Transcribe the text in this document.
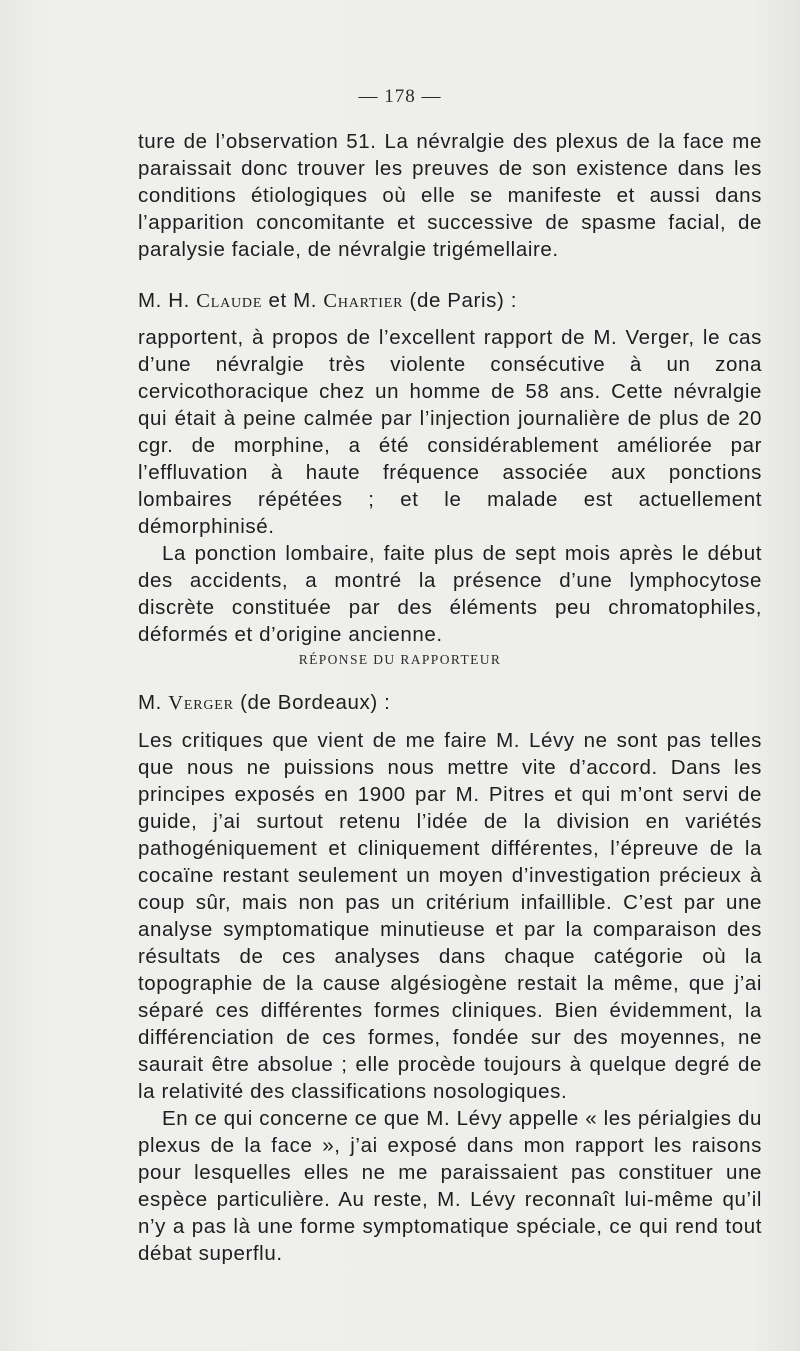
— 178 —

ture de l’observation 51. La névralgie des plexus de la face me paraissait donc trouver les preuves de son existence dans les conditions étiologiques où elle se manifeste et aussi dans l’apparition concomitante et successive de spasme facial, de paralysie faciale, de névralgie trigémellaire.

M. H. Claude et M. Chartier (de Paris) :

rapportent, à propos de l’excellent rapport de M. Verger, le cas d’une névralgie très violente consécutive à un zona cervicothoracique chez un homme de 58 ans. Cette névralgie qui était à peine calmée par l’injection journalière de plus de 20 cgr. de morphine, a été considérablement améliorée par l’effluvation à haute fréquence associée aux ponctions lombaires répétées ; et le malade est actuellement démorphinisé.

La ponction lombaire, faite plus de sept mois après le début des accidents, a montré la présence d’une lymphocytose discrète constituée par des éléments peu chromatophiles, déformés et d’origine ancienne.

RÉPONSE DU RAPPORTEUR

M. Verger (de Bordeaux) :

Les critiques que vient de me faire M. Lévy ne sont pas telles que nous ne puissions nous mettre vite d’accord. Dans les principes exposés en 1900 par M. Pitres et qui m’ont servi de guide, j’ai surtout retenu l’idée de la division en variétés pathogéniquement et cliniquement différentes, l’épreuve de la cocaïne restant seulement un moyen d’investigation précieux à coup sûr, mais non pas un critérium infaillible. C’est par une analyse symptomatique minutieuse et par la comparaison des résultats de ces analyses dans chaque catégorie où la topographie de la cause algésiogène restait la même, que j’ai séparé ces différentes formes cliniques. Bien évidemment, la différenciation de ces formes, fondée sur des moyennes, ne saurait être absolue ; elle procède toujours à quelque degré de la relativité des classifications nosologiques.

En ce qui concerne ce que M. Lévy appelle « les périalgies du plexus de la face », j’ai exposé dans mon rapport les raisons pour lesquelles elles ne me paraissaient pas constituer une espèce particulière. Au reste, M. Lévy reconnaît lui-même qu’il n’y a pas là une forme symptomatique spéciale, ce qui rend tout débat superflu.
